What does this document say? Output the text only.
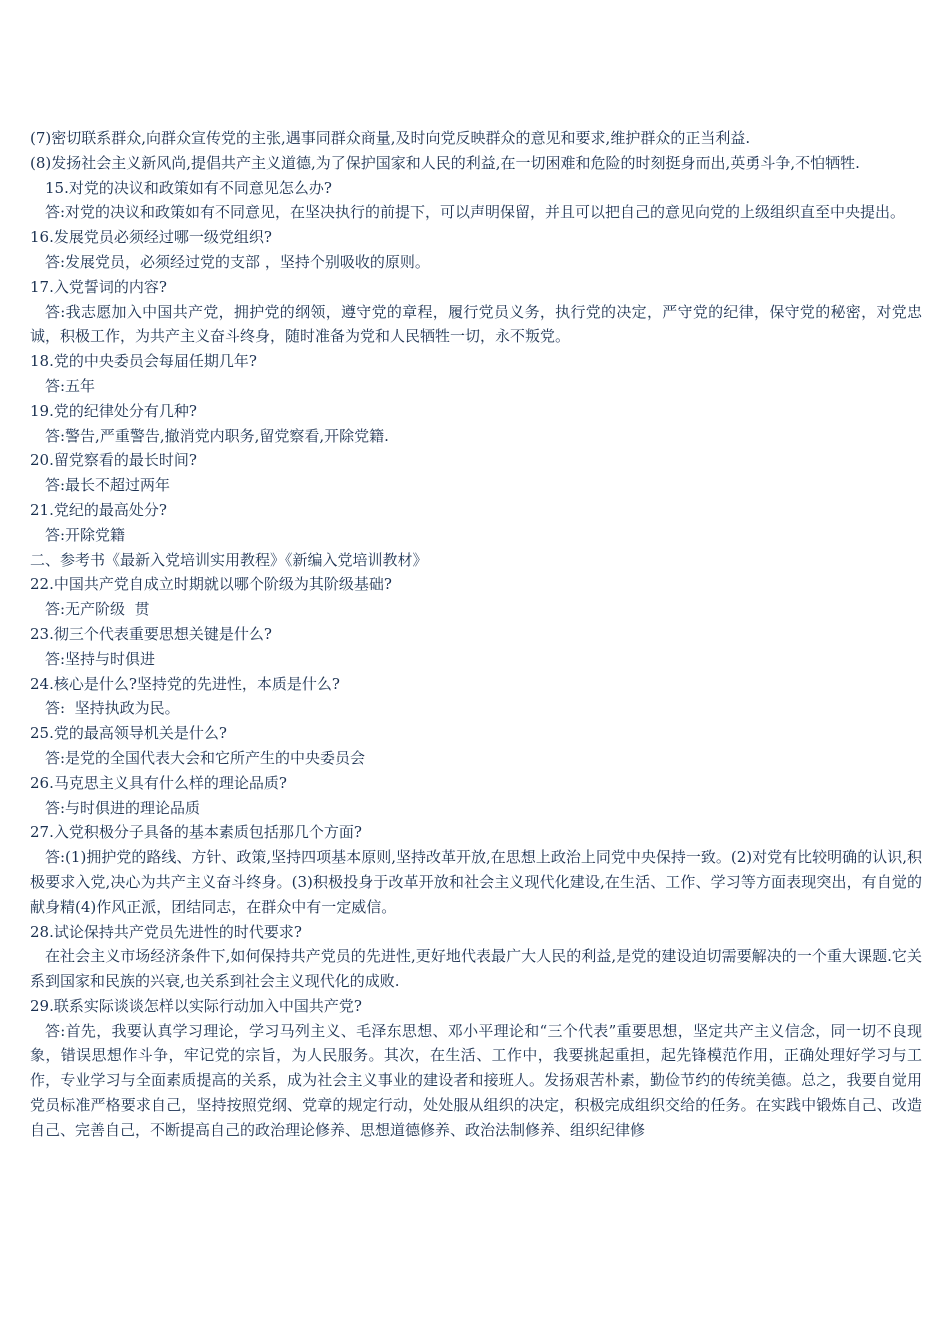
(7)密切联系群众,向群众宣传党的主张,遇事同群众商量,及时向党反映群众的意见和要求,维护群众的正当利益.

(8)发扬社会主义新风尚,提倡共产主义道德,为了保护国家和人民的利益,在一切困难和危险的时刻挺身而出,英勇斗争,不怕牺牲.

15.对党的决议和政策如有不同意见怎么办?

答:对党的决议和政策如有不同意见，在坚决执行的前提下，可以声明保留，并且可以把自己的意见向党的上级组织直至中央提出。

16.发展党员必须经过哪一级党组织?

答:发展党员，必须经过党的支部 ，坚持个别吸收的原则。

17.入党誓词的内容?

答:我志愿加入中国共产党，拥护党的纲领，遵守党的章程，履行党员义务，执行党的决定，严守党的纪律，保守党的秘密，对党忠诚，积极工作，为共产主义奋斗终身，随时准备为党和人民牺牲一切，永不叛党。

18.党的中央委员会每届任期几年?

答:五年

19.党的纪律处分有几种?

答:警告,严重警告,撤消党内职务,留党察看,开除党籍.

20.留党察看的最长时间?

答:最长不超过两年

21.党纪的最高处分?

答:开除党籍

二、参考书《最新入党培训实用教程》《新编入党培训教材》

22.中国共产党自成立时期就以哪个阶级为其阶级基础?

答:无产阶级  贯

23.彻三个代表重要思想关键是什么?

答:坚持与时俱进

24.核心是什么?坚持党的先进性，本质是什么?

答:  坚持执政为民。

25.党的最高领导机关是什么?

答:是党的全国代表大会和它所产生的中央委员会

26.马克思主义具有什么样的理论品质?

答:与时俱进的理论品质

27.入党积极分子具备的基本素质包括那几个方面?

答:(1)拥护党的路线、方针、政策,坚持四项基本原则,坚持改革开放,在思想上政治上同党中央保持一致。(2)对党有比较明确的认识,积极要求入党,决心为共产主义奋斗终身。(3)积极投身于改革开放和社会主义现代化建设,在生活、工作、学习等方面表现突出，有自觉的献身精(4)作风正派，团结同志，在群众中有一定威信。

28.试论保持共产党员先进性的时代要求?

在社会主义市场经济条件下,如何保持共产党员的先进性,更好地代表最广大人民的利益,是党的建设迫切需要解决的一个重大课题.它关系到国家和民族的兴衰,也关系到社会主义现代化的成败.

29.联系实际谈谈怎样以实际行动加入中国共产党?

答:首先，我要认真学习理论，学习马列主义、毛泽东思想、邓小平理论和“三个代表”重要思想，坚定共产主义信念，同一切不良现象，错误思想作斗争，牢记党的宗旨，为人民服务。其次，在生活、工作中，我要挑起重担，起先锋模范作用，正确处理好学习与工作，专业学习与全面素质提高的关系，成为社会主义事业的建设者和接班人。发扬艰苦朴素，勤俭节约的传统美德。总之，我要自觉用党员标准严格要求自己，坚持按照党纲、党章的规定行动，处处服从组织的决定，积极完成组织交给的任务。在实践中锻炼自己、改造自己、完善自己，不断提高自己的政治理论修养、思想道德修养、政治法制修养、组织纪律修
